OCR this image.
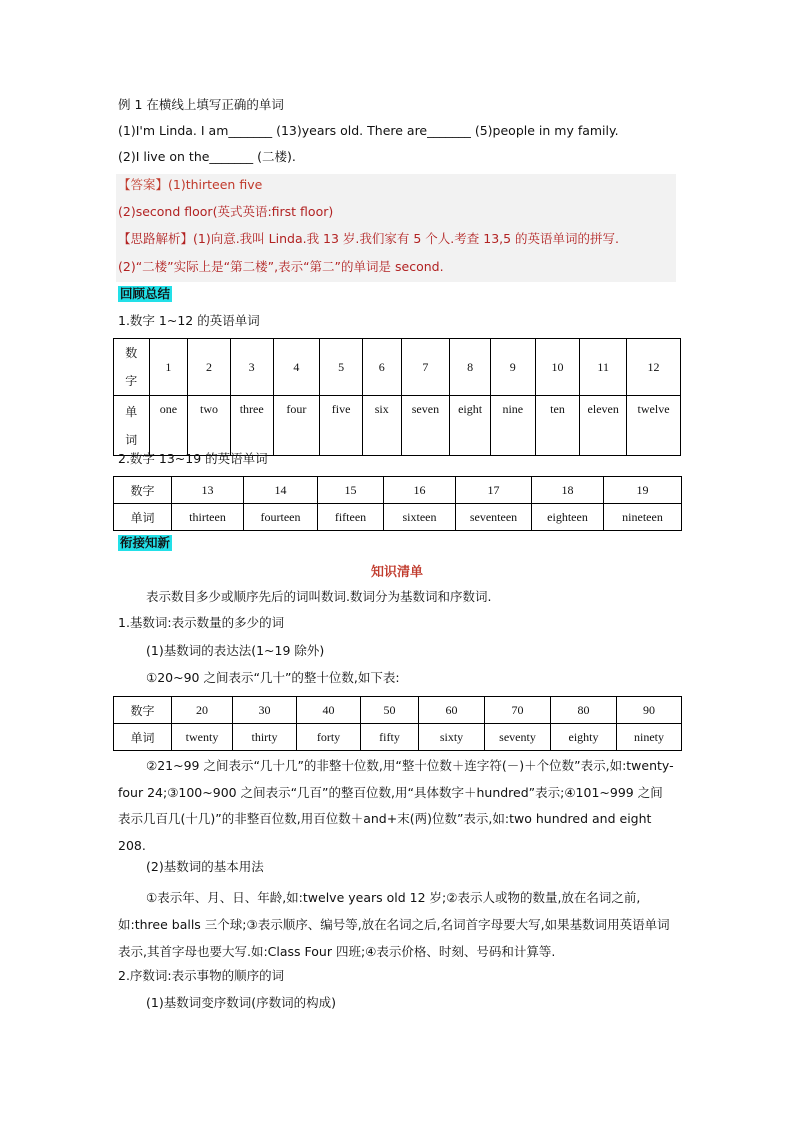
例 1 在横线上填写正确的单词
(1)I'm Linda. I am_______ (13)years old. There are_______ (5)people in my family.
(2)I live on the_______ (二楼).
【答案】(1)thirteen five
(2)second floor(英式英语:first floor)
【思路解析】(1)向意.我叫 Linda.我 13 岁.我们家有 5 个人.考查 13,5 的英语单词的拼写.
(2)“二楼”实际上是“第二楼”,表示“第二”的单词是 second.
回顾总结
1.数字 1~12 的英语单词
数
字	1	2	3	4	5	6	7	8	9	10	11	12
单
词	one	two	three	four	five	six	seven	eight	nine	ten	eleven	twelve
2.数字 13~19 的英语单词
数字	13	14	15	16	17	18	19
单词	thirteen	fourteen	fifteen	sixteen	seventeen	eighteen	nineteen
衔接知新
知识清单
表示数目多少或顺序先后的词叫数词.数词分为基数词和序数词.
1.基数词:表示数量的多少的词
(1)基数词的表达法(1~19 除外)
①20~90 之间表示“几十”的整十位数,如下表:
数字	20	30	40	50	60	70	80	90
单词	twenty	thirty	forty	fifty	sixty	seventy	eighty	ninety
②21~99 之间表示“几十几”的非整十位数,用“整十位数＋连字符(－)＋个位数”表示,如:twenty-four 24;③100~900 之间表示“几百”的整百位数,用“具体数字＋hundred”表示;④101~999 之间表示几百几(十几)”的非整百位数,用百位数＋and+末(两)位数”表示,如:two hundred and eight 208.
(2)基数词的基本用法
①表示年、月、日、年龄,如:twelve years old 12 岁;②表示人或物的数量,放在名词之前,如:three balls 三个球;③表示顺序、编号等,放在名词之后,名词首字母要大写,如果基数词用英语单词表示,其首字母也要大写.如:Class Four 四班;④表示价格、时刻、号码和计算等.
2.序数词:表示事物的顺序的词
(1)基数词变序数词(序数词的构成)
